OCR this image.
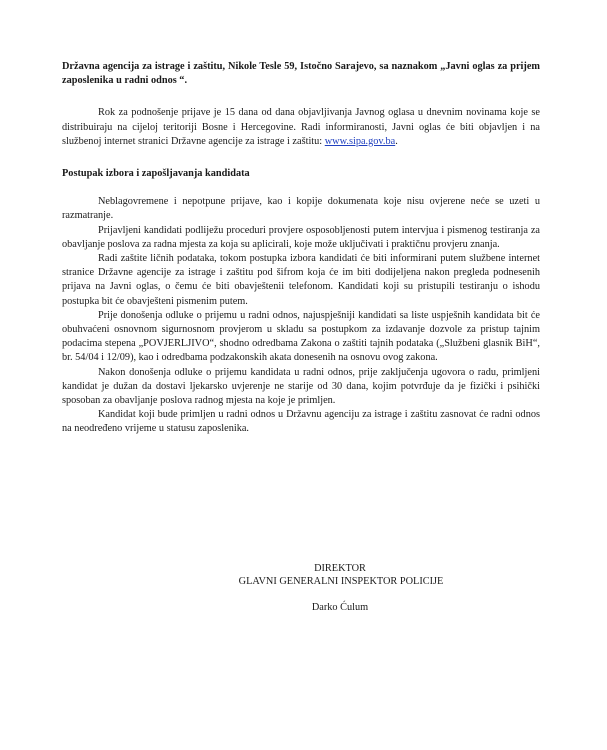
Državna agencija za istrage i zaštitu, Nikole Tesle 59, Istočno Sarajevo, sa naznakom „Javni oglas za prijem zaposlenika u radni odnos “.

Rok za podnošenje prijave je 15 dana od dana objavljivanja Javnog oglasa u dnevnim novinama koje se distribuiraju na cijeloj teritoriji Bosne i Hercegovine. Radi informiranosti, Javni oglas će biti objavljen i na službenoj internet stranici Državne agencije za istrage i zaštitu: www.sipa.gov.ba.

Postupak izbora i zapošljavanja kandidata

Neblagovremene i nepotpune prijave, kao i kopije dokumenata koje nisu ovjerene neće se uzeti u razmatranje.

Prijavljeni kandidati podliježu proceduri provjere osposobljenosti putem intervjua i pismenog testiranja za obavljanje poslova za radna mjesta za koja su aplicirali, koje može uključivati i praktičnu provjeru znanja.

Radi zaštite ličnih podataka, tokom postupka izbora kandidati će biti informirani putem službene internet stranice Državne agencije za istrage i zaštitu pod šifrom koja će im biti dodijeljena nakon pregleda podnesenih prijava na Javni oglas, o čemu će biti obavještenii telefonom. Kandidati koji su pristupili testiranju o ishodu postupka bit će obavješteni pismenim putem.

Prije donošenja odluke o prijemu u radni odnos, najuspješniji kandidati sa liste uspješnih kandidata bit će obuhvaćeni osnovnom sigurnosnom provjerom u skladu sa postupkom za izdavanje dozvole za pristup tajnim podacima stepena „POVJERLJIVO“, shodno odredbama Zakona o zaštiti tajnih podataka („Službeni glasnik BiH“, br. 54/04 i 12/09), kao i odredbama podzakonskih akata donesenih na osnovu ovog zakona.

Nakon donošenja odluke o prijemu kandidata u radni odnos, prije zaključenja ugovora o radu, primljeni kandidat je dužan da dostavi ljekarsko uvjerenje ne starije od 30 dana, kojim potvrđuje da je fizički i psihički sposoban za obavljanje poslova radnog mjesta na koje je primljen.

Kandidat koji bude primljen u radni odnos u Državnu agenciju za istrage i zaštitu zasnovat će radni odnos na neodređeno vrijeme u statusu zaposlenika.

DIREKTOR
GLAVNI GENERALNI INSPEKTOR POLICIJE
Darko Ćulum
